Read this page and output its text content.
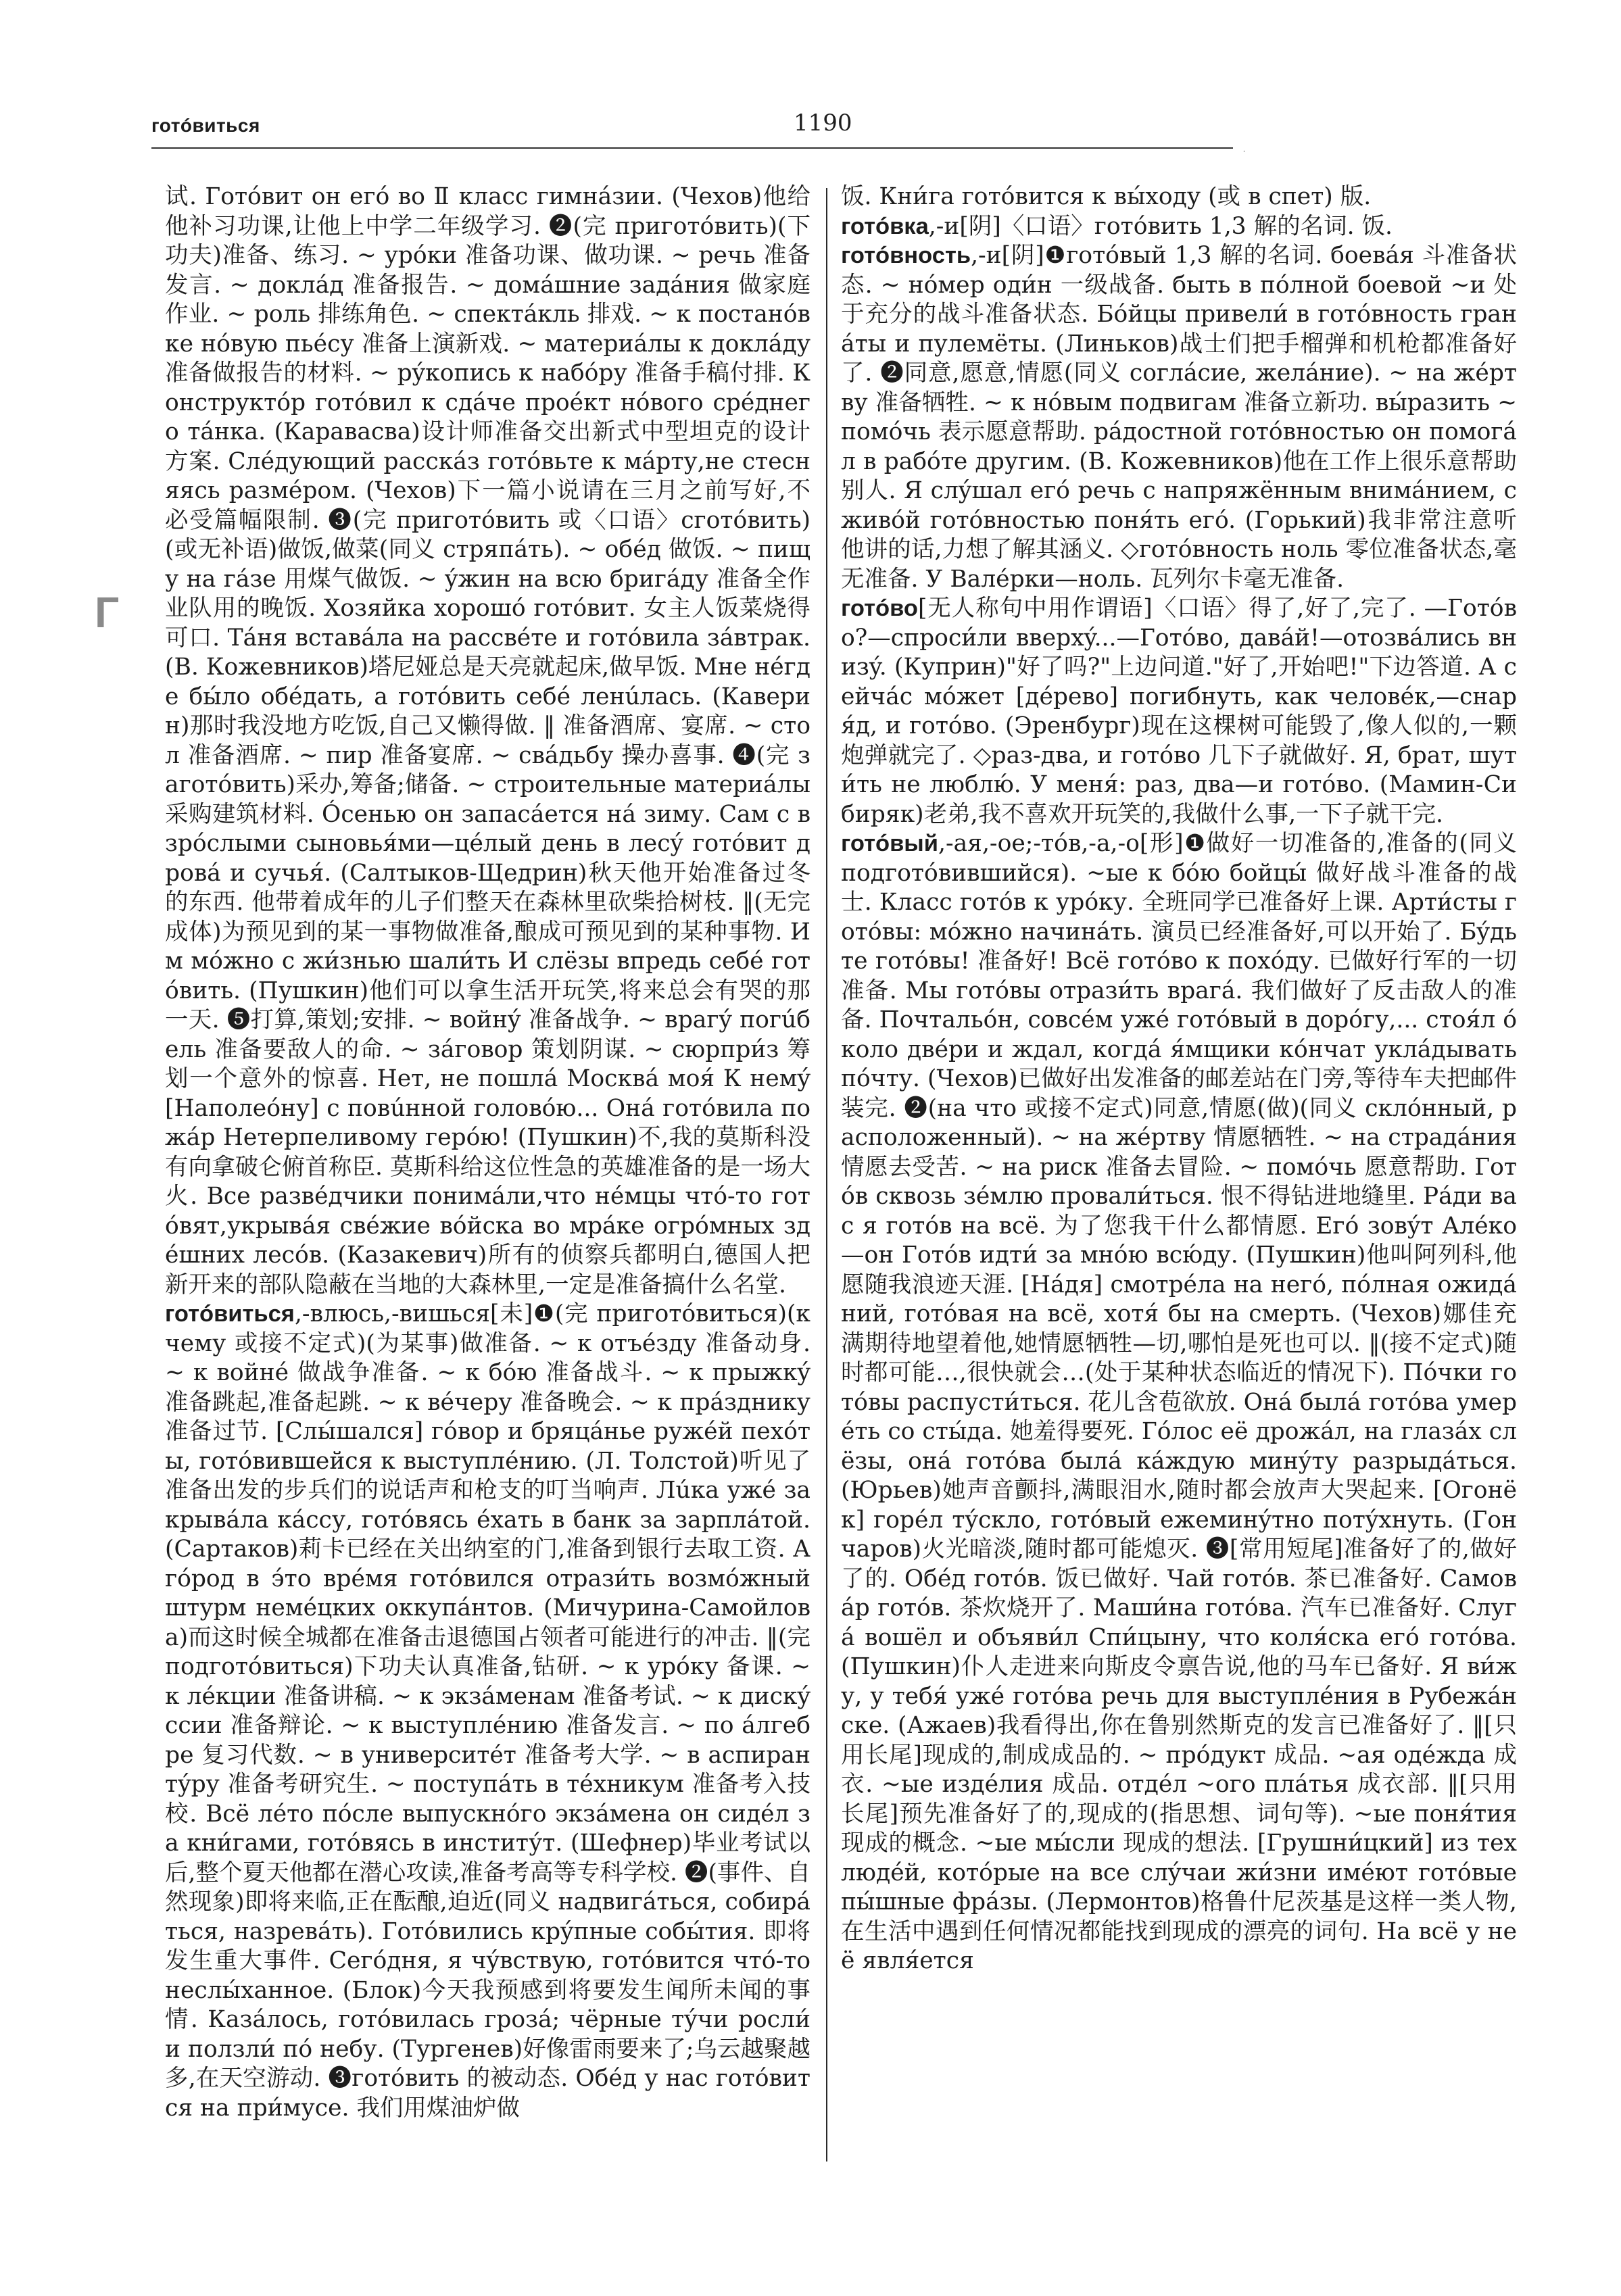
готóвиться	1190
·
Г

试. Готóвит он егó во Ⅱ класс гимнáзии. (Чехов)他给他补习功课,让他上中学二年级学习. ❷(完 приготóвить)(下功夫)准备、练习. ~ урóки 准备功课、做功课. ~ речь 准备发言. ~ доклáд 准备报告. ~ домáшние задáния 做家庭作业. ~ роль 排练角色. ~ спектáкль 排戏. ~ к постанóвке нóвую пьéсу 准备上演新戏. ~ материáлы к доклáду 准备做报告的材料. ~ рýкопись к набóру 准备手稿付排. Конструктóр готóвил к сдáче проéкт нóвого срéднего тáнка. (Каравасва)设计师准备交出新式中型坦克的设计方案. Слéдующий расскáз готóвьте к мáрту,не стесняясь размéром. (Чехов)下一篇小说请在三月之前写好,不必受篇幅限制. ❸(完 приготóвить 或〈口语〉сготóвить)(或无补语)做饭,做菜(同义 стряпáть). ~ обéд 做饭. ~ пищу на гáзе 用煤气做饭. ~ ýжин на всю бригáду 准备全作业队用的晚饭. Хозяйка хорошó готóвит. 女主人饭菜烧得可口. Тáня вставáла на рассвéте и готóвила зáвтрак. (В. Кожевников)塔尼娅总是天亮就起床,做早饭. Мне нéгде бы́ло обéдать, а готóвить себé ленúлась. (Каверин)那时我没地方吃饭,自己又懒得做. ‖ 准备酒席、宴席. ~ стол 准备酒席. ~ пир 准备宴席. ~ свáдьбу 操办喜事. ❹(完 заготóвить)采办,筹备;储备. ~ строительные материáлы 采购建筑材料. Óсенью он запасáется нá зиму. Сам с взрóслыми сыновья́ми—цéлый день в лесý готóвит дровá и сучья́. (Салтыков-Щедрин)秋天他开始准备过冬的东西. 他带着成年的儿子们整天在森林里砍柴拾树枝. ‖(无完成体)为预见到的某一事物做准备,酿成可预见到的某种事物. Им мóжно с жи́знью шали́ть И слёзы впредь себé готóвить. (Пушкин)他们可以拿生活开玩笑,将来总会有哭的那一天. ❺打算,策划;安排. ~ войнý 准备战争. ~ врагý погúбель 准备要敌人的命. ~ зáговор 策划阴谋. ~ сюрпри́з 筹划一个意外的惊喜. Нет, не пошлá Москвá моя́ К немý [Наполеóну] с повúнной головóю... Онá готóвила пожáр Нетерпеливому герóю! (Пушкин)不,我的莫斯科没有向拿破仑俯首称臣. 莫斯科给这位性急的英雄准备的是一场大火. Все развéдчики понимáли,что нéмцы чтó-то готóвят,укрывáя свéжие вóйска во мрáке огрóмных здéшних лесóв. (Казакевич)所有的侦察兵都明白,德国人把新开来的部队隐蔽在当地的大森林里,一定是准备搞什么名堂.

готóвиться,-влюсь,-вишься[未]❶(完 приготóвиться)(к чему 或接不定式)(为某事)做准备. ~ к отъéзду 准备动身. ~ к войнé 做战争准备. ~ к бóю 准备战斗. ~ к прыжкý 准备跳起,准备起跳. ~ к вéчеру 准备晚会. ~ к прáзднику 准备过节. [Слы́шался] гóвор и бряцáнье ружéй пехóты, готóвившейся к выступлéнию. (Л. Толстой)听见了准备出发的步兵们的说话声和枪支的叮当响声. Лúка ужé закрывáла кáссу, готóвясь éхать в банк за зарплáтой. (Сартаков)莉卡已经在关出纳室的门,准备到银行去取工资. А гóрод в э́то врéмя готóвился отрази́ть возмóжный штурм немéцких оккупáнтов. (Мичурина-Самойлова)而这时候全城都在准备击退德国占领者可能进行的冲击. ‖(完 подготóвиться)下功夫认真准备,钻研. ~ к урóку 备课. ~ к лéкции 准备讲稿. ~ к экзáменам 准备考试. ~ к дискýссии 准备辩论. ~ к выступлéнию 准备发言. ~ по áлгебре 复习代数. ~ в университéт 准备考大学. ~ в аспирантýру 准备考研究生. ~ поступáть в тéхникум 准备考入技校. Всё лéто пóсле выпускнóго экзáмена он сидéл за кни́гами, готóвясь в институ́т. (Шефнер)毕业考试以后,整个夏天他都在潜心攻读,准备考高等专科学校. ❷(事件、自然现象)即将来临,正在酝酿,迫近(同义 надвигáться, собирáться, назревáть). Готóвились крýпные собы́тия. 即将发生重大事件. Сегóдня, я чýвствую, готóвится чтó-то неслы́ханное. (Блок)今天我预感到将要发生闻所未闻的事情. Казáлось, готóвилась грозá; чёрные тýчи росли́ и ползли́ пó небу. (Тургенев)好像雷雨要来了;乌云越聚越多,在天空游动. ❸готóвить 的被动态. Обéд у нас готóвится на при́мусе. 我们用煤油炉做

饭. Кни́га готóвится к вы́ходу (或 в спет) 版.

готóвка,-и[阴]〈口语〉готóвить 1,3 解的名词. 饭.

готóвность,-и[阴]❶готóвый 1,3 解的名词. боевáя 斗准备状态. ~ нóмер оди́н 一级战备. быть в пóлной боевой ~и 处于充分的战斗准备状态. Бóйцы привели́ в готóвность грана́ты и пулемёты. (Линьков)战士们把手榴弹和机枪都准备好了. ❷同意,愿意,情愿(同义 соглáсие, желáние). ~ на жéртву 准备牺牲. ~ к нóвым подвигам 准备立新功. вы́разить ~ помóчь 表示愿意帮助. рáдостной готóвностью он помогáл в рабóте другим. (В. Кожевников)他在工作上很乐意帮助别人. Я слýшал егó речь с напряжённым внимáнием, с живóй готóвностью поня́ть егó. (Горький)我非常注意听他讲的话,力想了解其涵义. ◇готóвность ноль 零位准备状态,毫无准备. У Валéрки—ноль. 瓦列尔卡毫无准备.

готóво[无人称句中用作谓语]〈口语〉得了,好了,完了. —Готóво?—спроси́ли вверхý...—Готóво, давáй!—отозвáлись внизý. (Куприн)"好了吗?"上边问道."好了,开始吧!"下边答道. А сейчáс мóжет [дéрево] погибнуть, как человéк,—снаря́д, и готóво. (Эренбург)现在这棵树可能毁了,像人似的,一颗炮弹就完了. ◇раз-два, и готóво 几下子就做好. Я, брат, шути́ть не люблю́. У меня́: раз, два—и готóво. (Мамин-Сибиряк)老弟,我不喜欢开玩笑的,我做什么事,一下子就干完.

готóвый,-ая,-ое;-тóв,-а,-о[形]❶做好一切准备的,准备的(同义 подготóвившийся). ~ые к бóю бойцы́ 做好战斗准备的战士. Класс готóв к урóку. 全班同学已准备好上课. Арти́сты готóвы: мóжно начинáть. 演员已经准备好,可以开始了. Бýдьте готóвы! 准备好! Всё готóво к похóду. 已做好行军的一切准备. Мы готóвы отрази́ть врагá. 我们做好了反击敌人的准备. Почтальóн, совсéм ужé готóвый в дорóгу,... стоя́л óколо двéри и ждал, когдá я́мщики кóнчат уклáдывать пóчту. (Чехов)已做好出发准备的邮差站在门旁,等待车夫把邮件装完. ❷(на что 或接不定式)同意,情愿(做)(同义 склóнный, расположенный). ~ на жéртву 情愿牺牲. ~ на страдáния 情愿去受苦. ~ на риск 准备去冒险. ~ помóчь 愿意帮助. Готóв сквозь зéмлю провали́ться. 恨不得钻进地缝里. Рáди вас я готóв на всё. 为了您我干什么都情愿. Егó зовýт Алéко—он Готóв идти́ за мнóю всю́ду. (Пушкин)他叫阿列科,他愿随我浪迹天涯. [Нáдя] смотрéла на негó, пóлная ожидáний, готóвая на всё, хотя́ бы на смерть. (Чехов)娜佳充满期待地望着他,她情愿牺牲—切,哪怕是死也可以. ‖(接不定式)随时都可能…,很快就会…(处于某种状态临近的情况下). Пóчки готóвы распусти́ться. 花儿含苞欲放. Онá былá готóва умерéть со сты́да. 她羞得要死. Гóлос её дрожáл, на глазáх слёзы, онá готóва былá кáждую минýту разрыдáться. (Юрьев)她声音颤抖,满眼泪水,随时都会放声大哭起来. [Огонёк] горéл тýскло, готóвый ежеминýтно потýхнуть. (Гончаров)火光暗淡,随时都可能熄灭. ❸[常用短尾]准备好了的,做好了的. Обéд готóв. 饭已做好. Чай готóв. 茶已准备好. Самовáр готóв. 茶炊烧开了. Маши́на готóва. 汽车已准备好. Слугá вошёл и объяви́л Спи́цыну, что коля́ска егó готóва. (Пушкин)仆人走进来向斯皮令禀告说,他的马车已备好. Я ви́жу, у тебя́ ужé готóва речь для выступлéния в Рубежáнске. (Ажаев)我看得出,你在鲁别然斯克的发言已准备好了. ‖[只用长尾]现成的,制成成品的. ~ прóдукт 成品. ~ая одéжда 成衣. ~ые издéлия 成品. отдéл ~ого плáтья 成衣部. ‖[只用长尾]预先准备好了的,现成的(指思想、词句等). ~ые поня́тия 现成的概念. ~ые мы́сли 现成的想法. [Грушни́цкий] из тех людéй, котóрые на все слýчаи жи́зни имéют готóвые пы́шные фрáзы. (Лермонтов)格鲁什尼茨基是这样一类人物,在生活中遇到任何情况都能找到现成的漂亮的词句. На всё у неё явля́ется
